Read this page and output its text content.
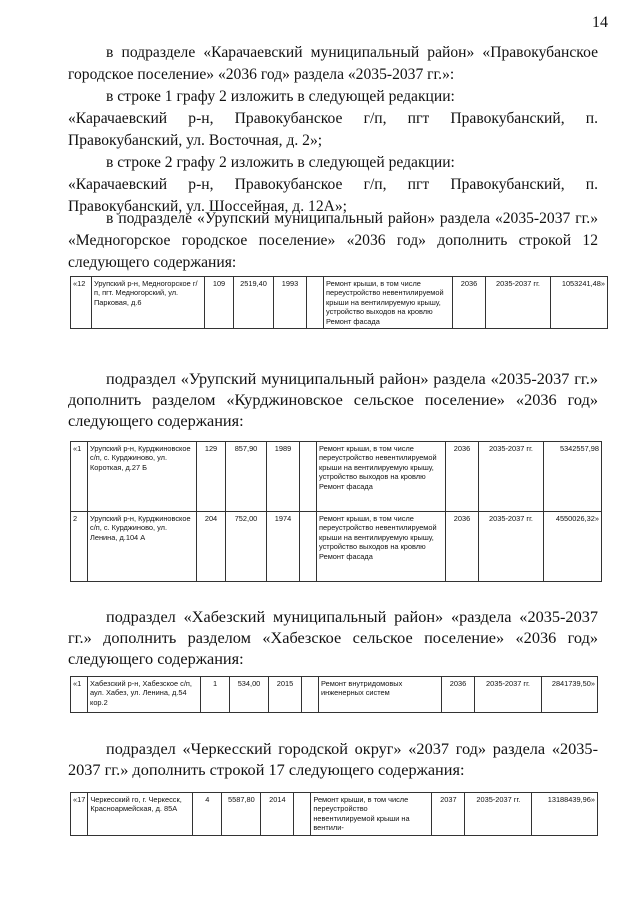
14

в подразделе «Карачаевский муниципальный район» «Правокубанское городское поселение» «2036 год» раздела «2035-2037 гг.»:

в строке 1 графу 2 изложить в следующей редакции:

«Карачаевский р-н, Правокубанское г/п, пгт Правокубанский, п. Правокубанский, ул. Восточная, д. 2»;

в строке 2 графу 2 изложить в следующей редакции:

«Карачаевский р-н, Правокубанское г/п, пгт Правокубанский, п. Правокубанский, ул. Шоссейная, д. 12А»;

в подразделе «Урупский муниципальный район» раздела «2035-2037 гг.» «Медногорское городское поселение» «2036 год» дополнить строкой 12 следующего содержания:

«12	Урупский р-н, Медногорское г/п, пгт. Медногорский, ул. Парковая, д.6	109	2519,40	1993		Ремонт крыши, в том числе переустройство невентилируемой крыши на вентилируемую крышу, устройство выходов на кровлю
Ремонт фасада
	2036	2035-2037 гг.	1053241,48»

подраздел «Урупский муниципальный район» раздела «2035-2037 гг.» дополнить разделом «Курджиновское сельское поселение» «2036 год» следующего содержания:

«1	Урупский р-н, Курджиновское с/п, с. Курджиново, ул. Короткая, д.27 Б	129	857,90	1989		Ремонт крыши, в том числе переустройство невентилируемой крыши на вентилируемую крышу, устройство выходов на кровлю
Ремонт фасада	2036	2035-2037 гг.	5342557,98
2	Урупский р-н, Курджиновское с/п, с. Курджиново, ул. Ленина, д.104 А	204	752,00	1974		Ремонт крыши, в том числе переустройство невентилируемой крыши на вентилируемую крышу, устройство выходов на кровлю
Ремонт фасада	2036	2035-2037 гг.	4550026,32»

подраздел «Хабезский муниципальный район» «раздела «2035-2037 гг.» дополнить разделом «Хабезское сельское поселение» «2036 год» следующего содержания:

«1	Хабезский р-н, Хабезское с/п, аул. Хабез, ул. Ленина, д.54 кор.2	1	534,00	2015		Ремонт внутридомовых инженерных систем	2036	2035-2037 гг.	2841739,50»

подраздел «Черкесский городской округ» «2037 год» раздела «2035-2037 гг.» дополнить строкой 17 следующего содержания:

«17	Черкесский го, г. Черкесск, Красноармейская, д. 85А	4	5587,80	2014		Ремонт крыши, в том числе переустройство невентилируемой крыши на вентили-	2037	2035-2037 гг.	13188439,96»
